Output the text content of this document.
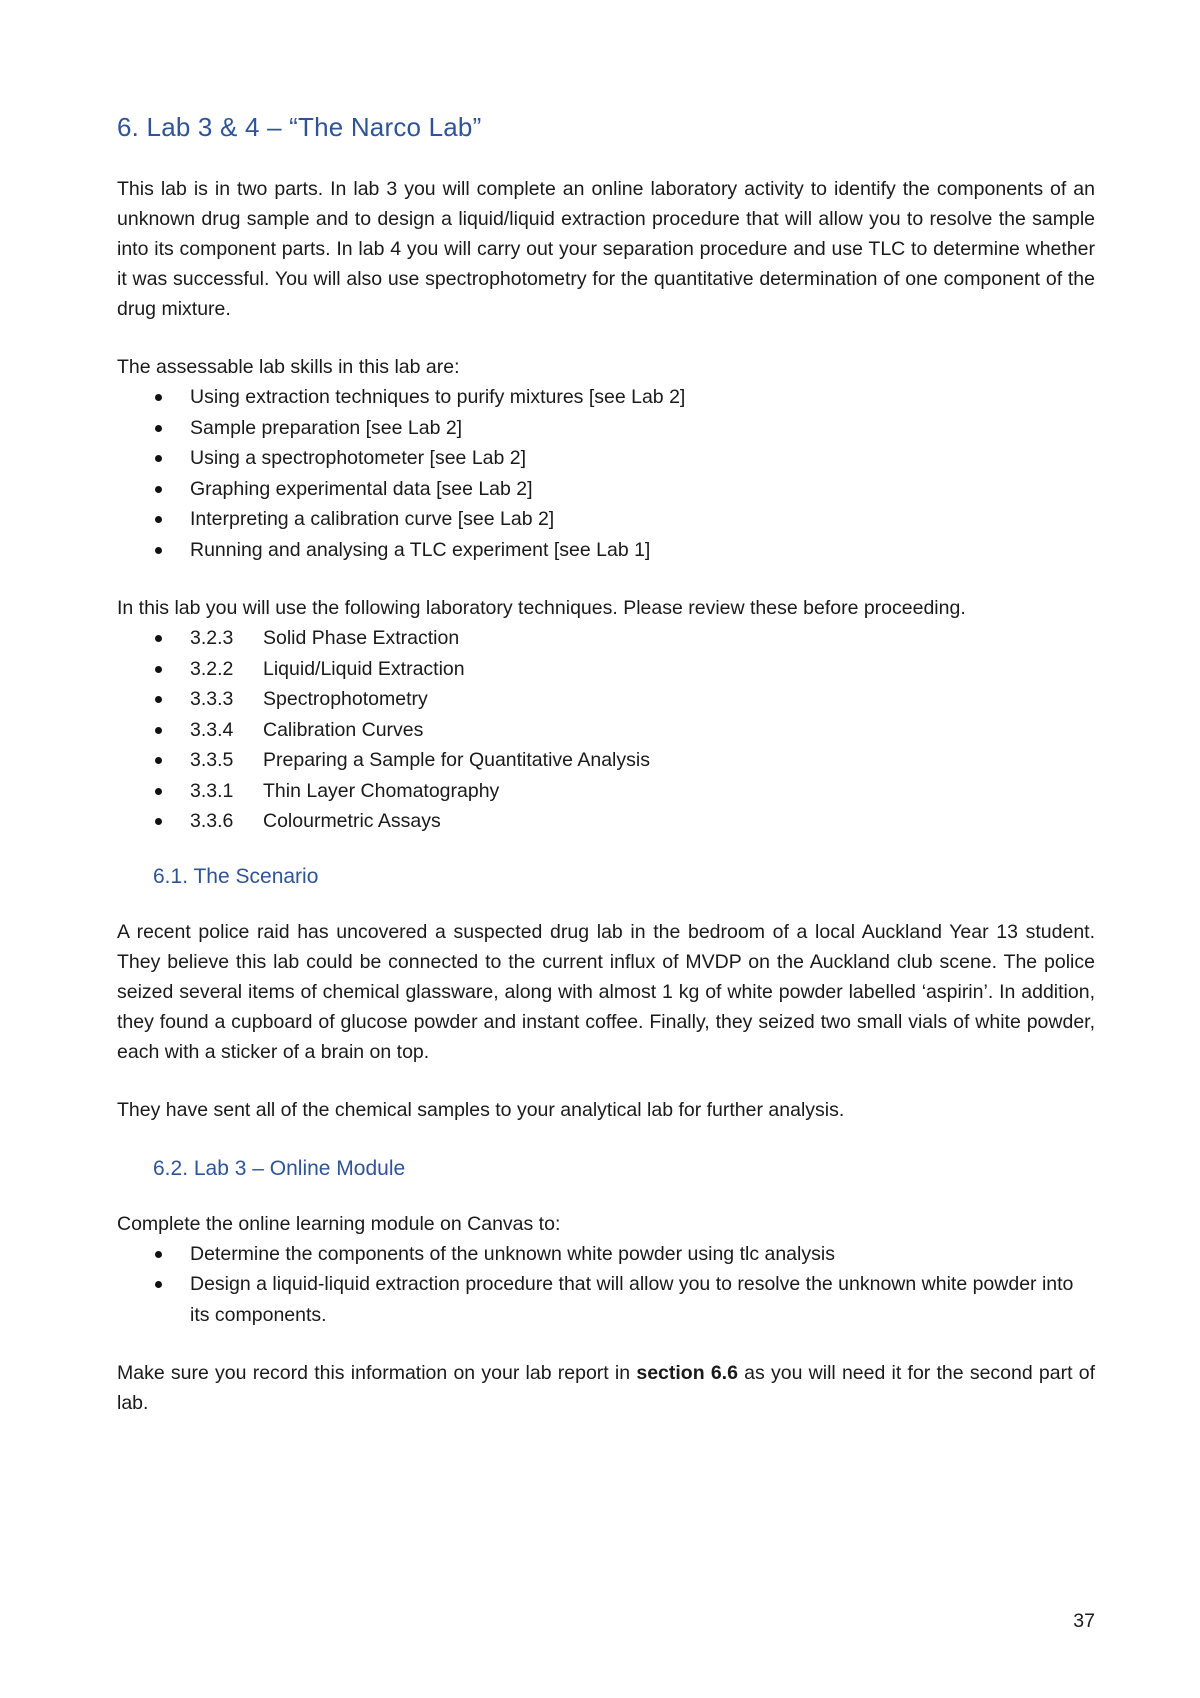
6. Lab 3 & 4 – “The Narco Lab”

This lab is in two parts. In lab 3 you will complete an online laboratory activity to identify the components of an unknown drug sample and to design a liquid/liquid extraction procedure that will allow you to resolve the sample into its component parts. In lab 4 you will carry out your separation procedure and use TLC to determine whether it was successful. You will also use spectrophotometry for the quantitative determination of one component of the drug mixture.

The assessable lab skills in this lab are:

Using extraction techniques to purify mixtures [see Lab 2]
Sample preparation [see Lab 2]
Using a spectrophotometer [see Lab 2]
Graphing experimental data [see Lab 2]
Interpreting a calibration curve [see Lab 2]
Running and analysing a TLC experiment [see Lab 1]

In this lab you will use the following laboratory techniques. Please review these before proceeding.

3.2.3 Solid Phase Extraction
3.2.2 Liquid/Liquid Extraction
3.3.3 Spectrophotometry
3.3.4 Calibration Curves
3.3.5 Preparing a Sample for Quantitative Analysis
3.3.1 Thin Layer Chomatography
3.3.6 Colourmetric Assays
6.1. The Scenario

A recent police raid has uncovered a suspected drug lab in the bedroom of a local Auckland Year 13 student. They believe this lab could be connected to the current influx of MVDP on the Auckland club scene. The police seized several items of chemical glassware, along with almost 1 kg of white powder labelled ‘aspirin’. In addition, they found a cupboard of glucose powder and instant coffee. Finally, they seized two small vials of white powder, each with a sticker of a brain on top.

They have sent all of the chemical samples to your analytical lab for further analysis.

6.2. Lab 3 – Online Module

Complete the online learning module on Canvas to:

Determine the components of the unknown white powder using tlc analysis
Design a liquid-liquid extraction procedure that will allow you to resolve the unknown white powder into its components.

Make sure you record this information on your lab report in section 6.6 as you will need it for the second part of lab.

37
